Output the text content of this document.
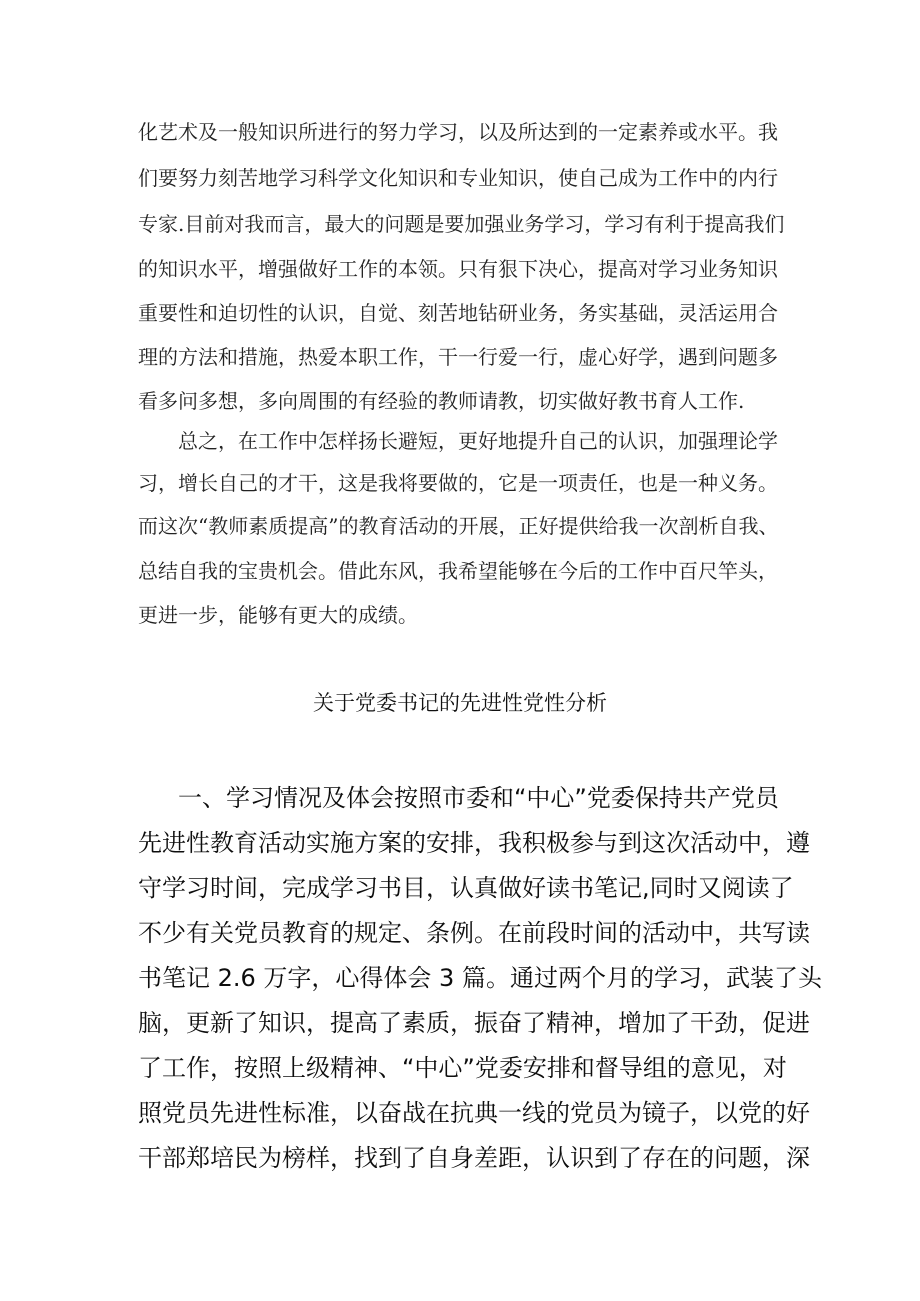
化艺术及一般知识所进行的努力学习，以及所达到的一定素养或水平。我
们要努力刻苦地学习科学文化知识和专业知识，使自己成为工作中的内行
专家.目前对我而言，最大的问题是要加强业务学习，学习有利于提高我们
的知识水平，增强做好工作的本领。只有狠下决心，提高对学习业务知识
重要性和迫切性的认识，自觉、刻苦地钻研业务，务实基础，灵活运用合
理的方法和措施，热爱本职工作，干一行爱一行，虚心好学，遇到问题多
看多问多想，多向周围的有经验的教师请教，切实做好教书育人工作.
总之，在工作中怎样扬长避短，更好地提升自己的认识，加强理论学
习，增长自己的才干，这是我将要做的，它是一项责任，也是一种义务。
而这次“教师素质提高”的教育活动的开展，正好提供给我一次剖析自我、
总结自我的宝贵机会。借此东风，我希望能够在今后的工作中百尺竿头，
更进一步，能够有更大的成绩。
关于党委书记的先进性党性分析
一、学习情况及体会按照市委和“中心”党委保持共产党员
先进性教育活动实施方案的安排，我积极参与到这次活动中，遵
守学习时间，完成学习书目，认真做好读书笔记,同时又阅读了
不少有关党员教育的规定、条例。在前段时间的活动中，共写读
书笔记 2.6 万字，心得体会 3 篇。通过两个月的学习，武装了头
脑，更新了知识，提高了素质，振奋了精神，增加了干劲，促进
了工作，按照上级精神、“中心”党委安排和督导组的意见，对
照党员先进性标准，以奋战在抗典一线的党员为镜子，以党的好
干部郑培民为榜样，找到了自身差距，认识到了存在的问题，深
